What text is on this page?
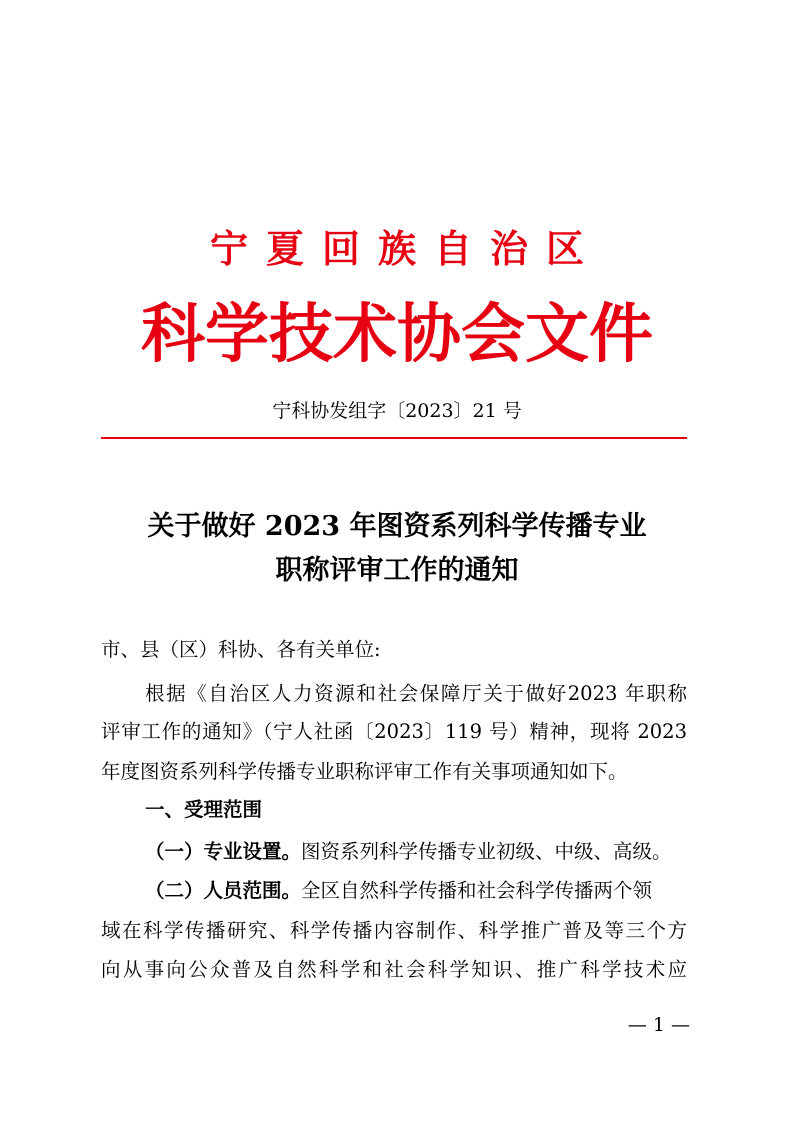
宁夏回族自治区
科学技术协会文件
宁科协发组字〔2023〕21 号
关于做好 2023 年图资系列科学传播专业
职称评审工作的通知
市、县（区）科协、各有关单位:
根据《自治区人力资源和社会保障厅关于做好2023 年职称
评审工作的通知》（宁人社函〔2023〕119 号）精神，现将 2023
年度图资系列科学传播专业职称评审工作有关事项通知如下。
一、受理范围
（一）专业设置。图资系列科学传播专业初级、中级、高级。
（二）人员范围。全区自然科学传播和社会科学传播两个领
域在科学传播研究、科学传播内容制作、科学推广普及等三个方
向从事向公众普及自然科学和社会科学知识、推广科学技术应
— 1 —
